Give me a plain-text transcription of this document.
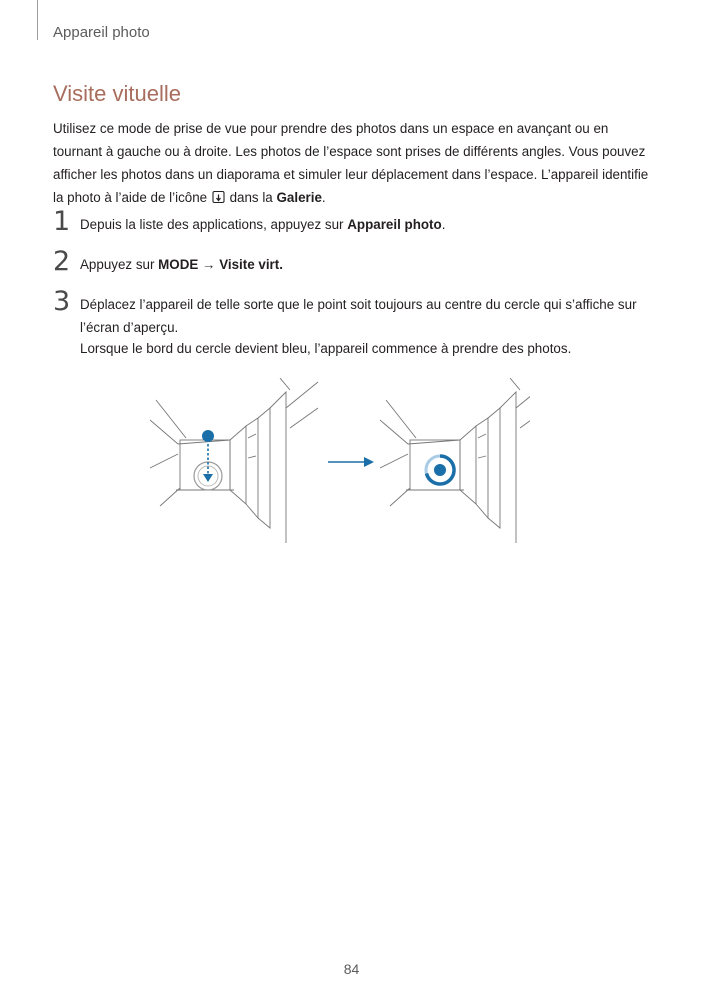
Appareil photo
Visite vituelle

Utilisez ce mode de prise de vue pour prendre des photos dans un espace en avançant ou en tournant à gauche ou à droite. Les photos de l’espace sont prises de différents angles. Vous pouvez afficher les photos dans un diaporama et simuler leur déplacement dans l’espace. L’appareil identifie la photo à l’aide de l’icône dans la Galerie.

1 Depuis la liste des applications, appuyez sur Appareil photo.

2 Appuyez sur MODE → Visite virt.

3 Déplacez l’appareil de telle sorte que le point soit toujours au centre du cercle qui s’affiche sur l’écran d’aperçu.

Lorsque le bord du cercle devient bleu, l’appareil commence à prendre des photos.

84
